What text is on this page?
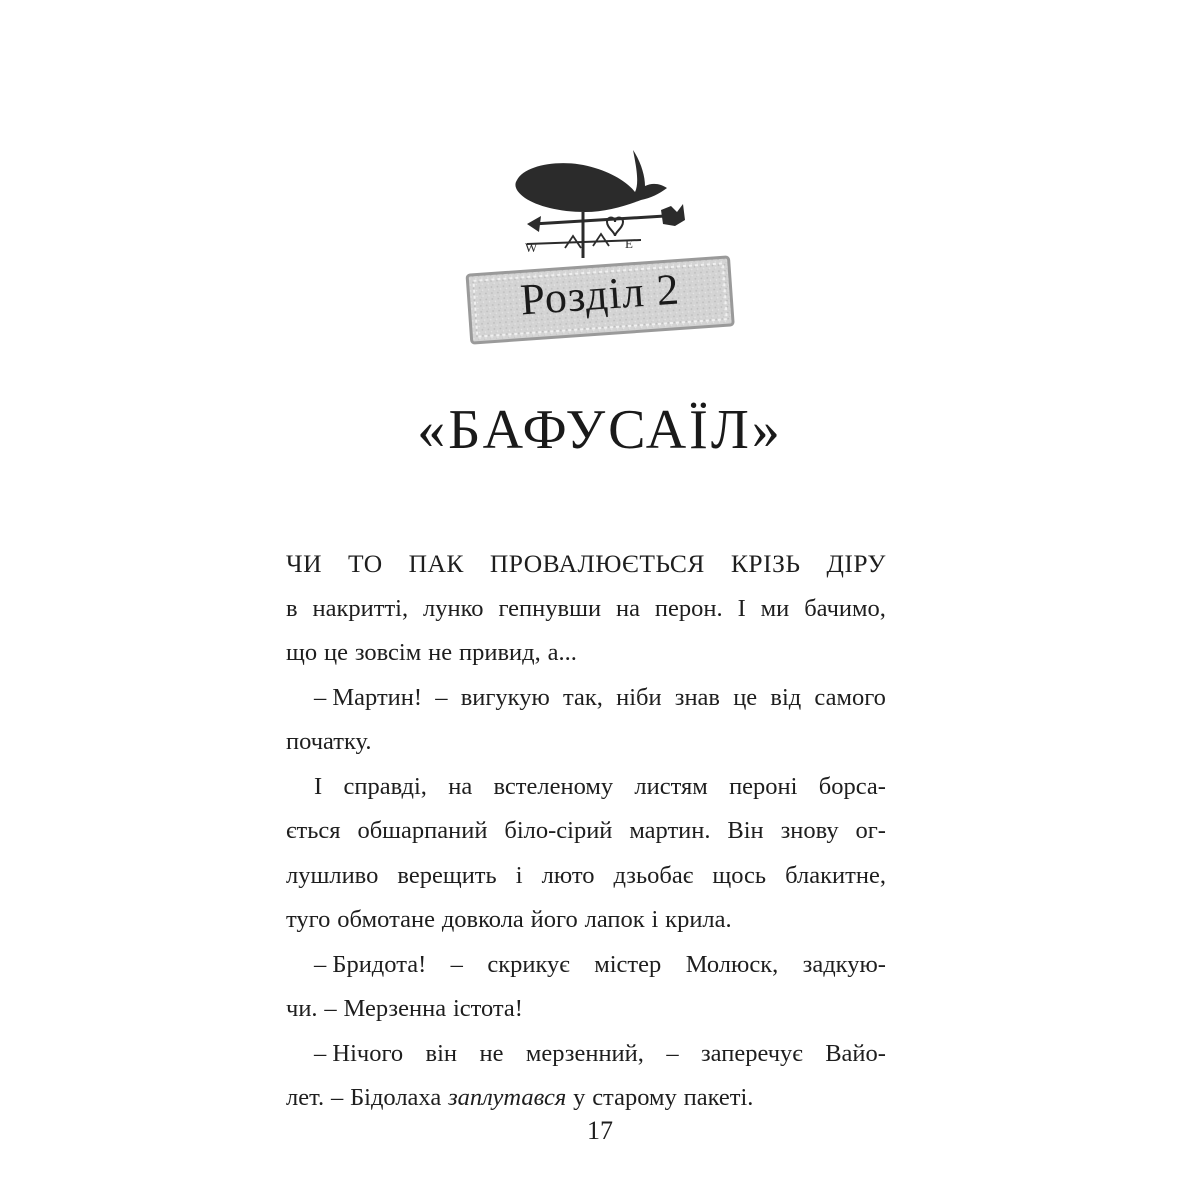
W	E
Розділ 2
«БАФУСАЇЛ»
ЧИ ТО ПАК ПРОВАЛЮЄТЬСЯ КРІЗЬ ДІРУ
в накритті, лунко гепнувши на перон. І ми бачимо,
що це зовсім не привид, а...
– Мартин! – вигукую так, ніби знав це від самого
початку.
І справді, на встеленому листям пероні борса-
ється обшарпаний біло-сірий мартин. Він знову ог-
лушливо верещить і люто дзьобає щось блакитне,
туго обмотане довкола його лапок і крила.
– Бридота! – скрикує містер Молюск, задкую-
чи. – Мерзенна істота!
– Нічого він не мерзенний, – заперечує Вайо-
лет. – Бідолаха заплутався у старому пакеті.
17
